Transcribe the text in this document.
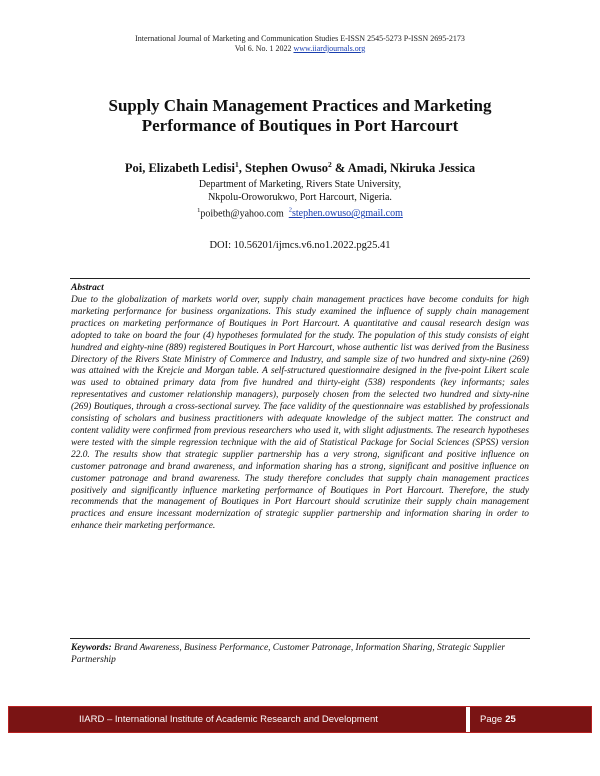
International Journal of Marketing and Communication Studies E-ISSN 2545-5273 P-ISSN 2695-2173
Vol 6. No. 1 2022 www.iiardjournals.org
Supply Chain Management Practices and Marketing Performance of Boutiques in Port Harcourt
Poi, Elizabeth Ledisi$^1$, Stephen Owuso$^2$ & Amadi, Nkiruka Jessica
Department of Marketing, Rivers State University,
Nkpolu-Oroworukwo, Port Harcourt, Nigeria.
$^1$poibeth@yahoo.com $^2$stephen.owuso@gmail.com
DOI: 10.56201/ijmcs.v6.no1.2022.pg25.41
Abstract

Due to the globalization of markets world over, supply chain management practices have become conduits for high marketing performance for business organizations. This study examined the influence of supply chain management practices on marketing performance of Boutiques in Port Harcourt. A quantitative and causal research design was adopted to take on board the four (4) hypotheses formulated for the study. The population of this study consists of eight hundred and eighty-nine (889) registered Boutiques in Port Harcourt, whose authentic list was derived from the Business Directory of the Rivers State Ministry of Commerce and Industry, and sample size of two hundred and sixty-nine (269) was attained with the Krejcie and Morgan table. A self-structured questionnaire designed in the five-point Likert scale was used to obtained primary data from five hundred and thirty-eight (538) respondents (key informants; sales representatives and customer relationship managers), purposely chosen from the selected two hundred and sixty-nine (269) Boutiques, through a cross-sectional survey. The face validity of the questionnaire was established by professionals consisting of scholars and business practitioners with adequate knowledge of the subject matter. The construct and content validity were confirmed from previous researchers who used it, with slight adjustments. The research hypotheses were tested with the simple regression technique with the aid of Statistical Package for Social Sciences (SPSS) version 22.0. The results show that strategic supplier partnership has a very strong, significant and positive influence on customer patronage and brand awareness, and information sharing has a strong, significant and positive influence on customer patronage and brand awareness. The study therefore concludes that supply chain management practices positively and significantly influence marketing performance of Boutiques in Port Harcourt. Therefore, the study recommends that the management of Boutiques in Port Harcourt should scrutinize their supply chain management practices and ensure incessant modernization of strategic supplier partnership and information sharing in order to enhance their marketing performance.

Keywords: Brand Awareness, Business Performance, Customer Patronage, Information Sharing, Strategic Supplier Partnership

IIARD – International Institute of Academic Research and Development	Page 25
